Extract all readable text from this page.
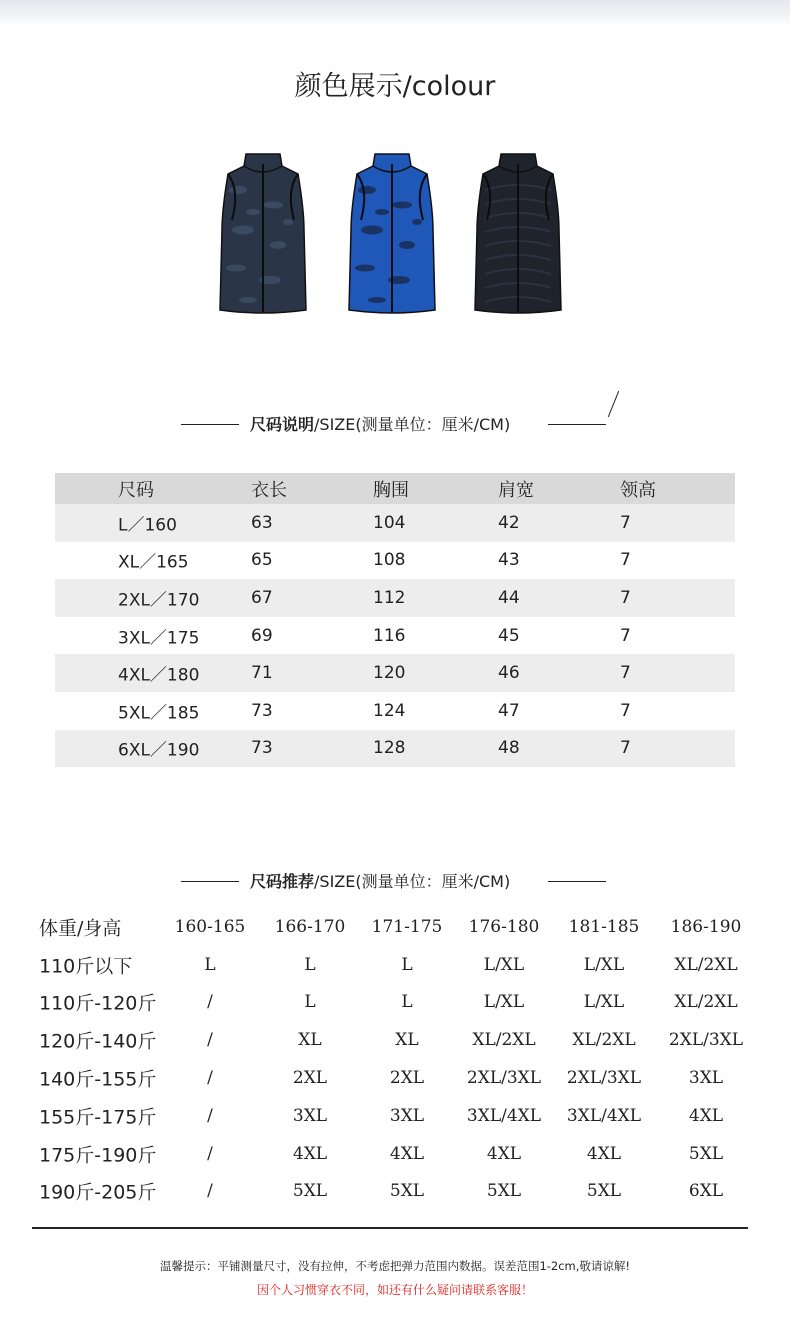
颜色展示/colour
尺码说明/SIZE(测量单位：厘米/CM)
尺码	衣长	胸围	肩宽	领高
L／160	63	104	42	7
XL／165	65	108	43	7
2XL／170	67	112	44	7
3XL／175	69	116	45	7
4XL／180	71	120	46	7
5XL／185	73	124	47	7
6XL／190	73	128	48	7
尺码推荐/SIZE(测量单位：厘米/CM)
体重/身高	160-165 166-170 171-175 176-180 181-185 186-190
110斤以下	L	L	L	L/XL	L/XL	XL/2XL
110斤-120斤	/	L	L	L/XL	L/XL	XL/2XL
120斤-140斤	/	XL	XL	XL/2XL XL/2XL 2XL/3XL
140斤-155斤	/	2XL	2XL	2XL/3XL 2XL/3XL	3XL
155斤-175斤	/	3XL	3XL	3XL/4XL 3XL/4XL	4XL
175斤-190斤	/	4XL	4XL	4XL	4XL	5XL
190斤-205斤	/	5XL	5XL	5XL	5XL	6XL
温馨提示：平铺测量尺寸，没有拉伸，不考虑把弹力范围内数据。误差范围1-2cm,敬请谅解!
因个人习惯穿衣不同，如还有什么疑问请联系客服！
